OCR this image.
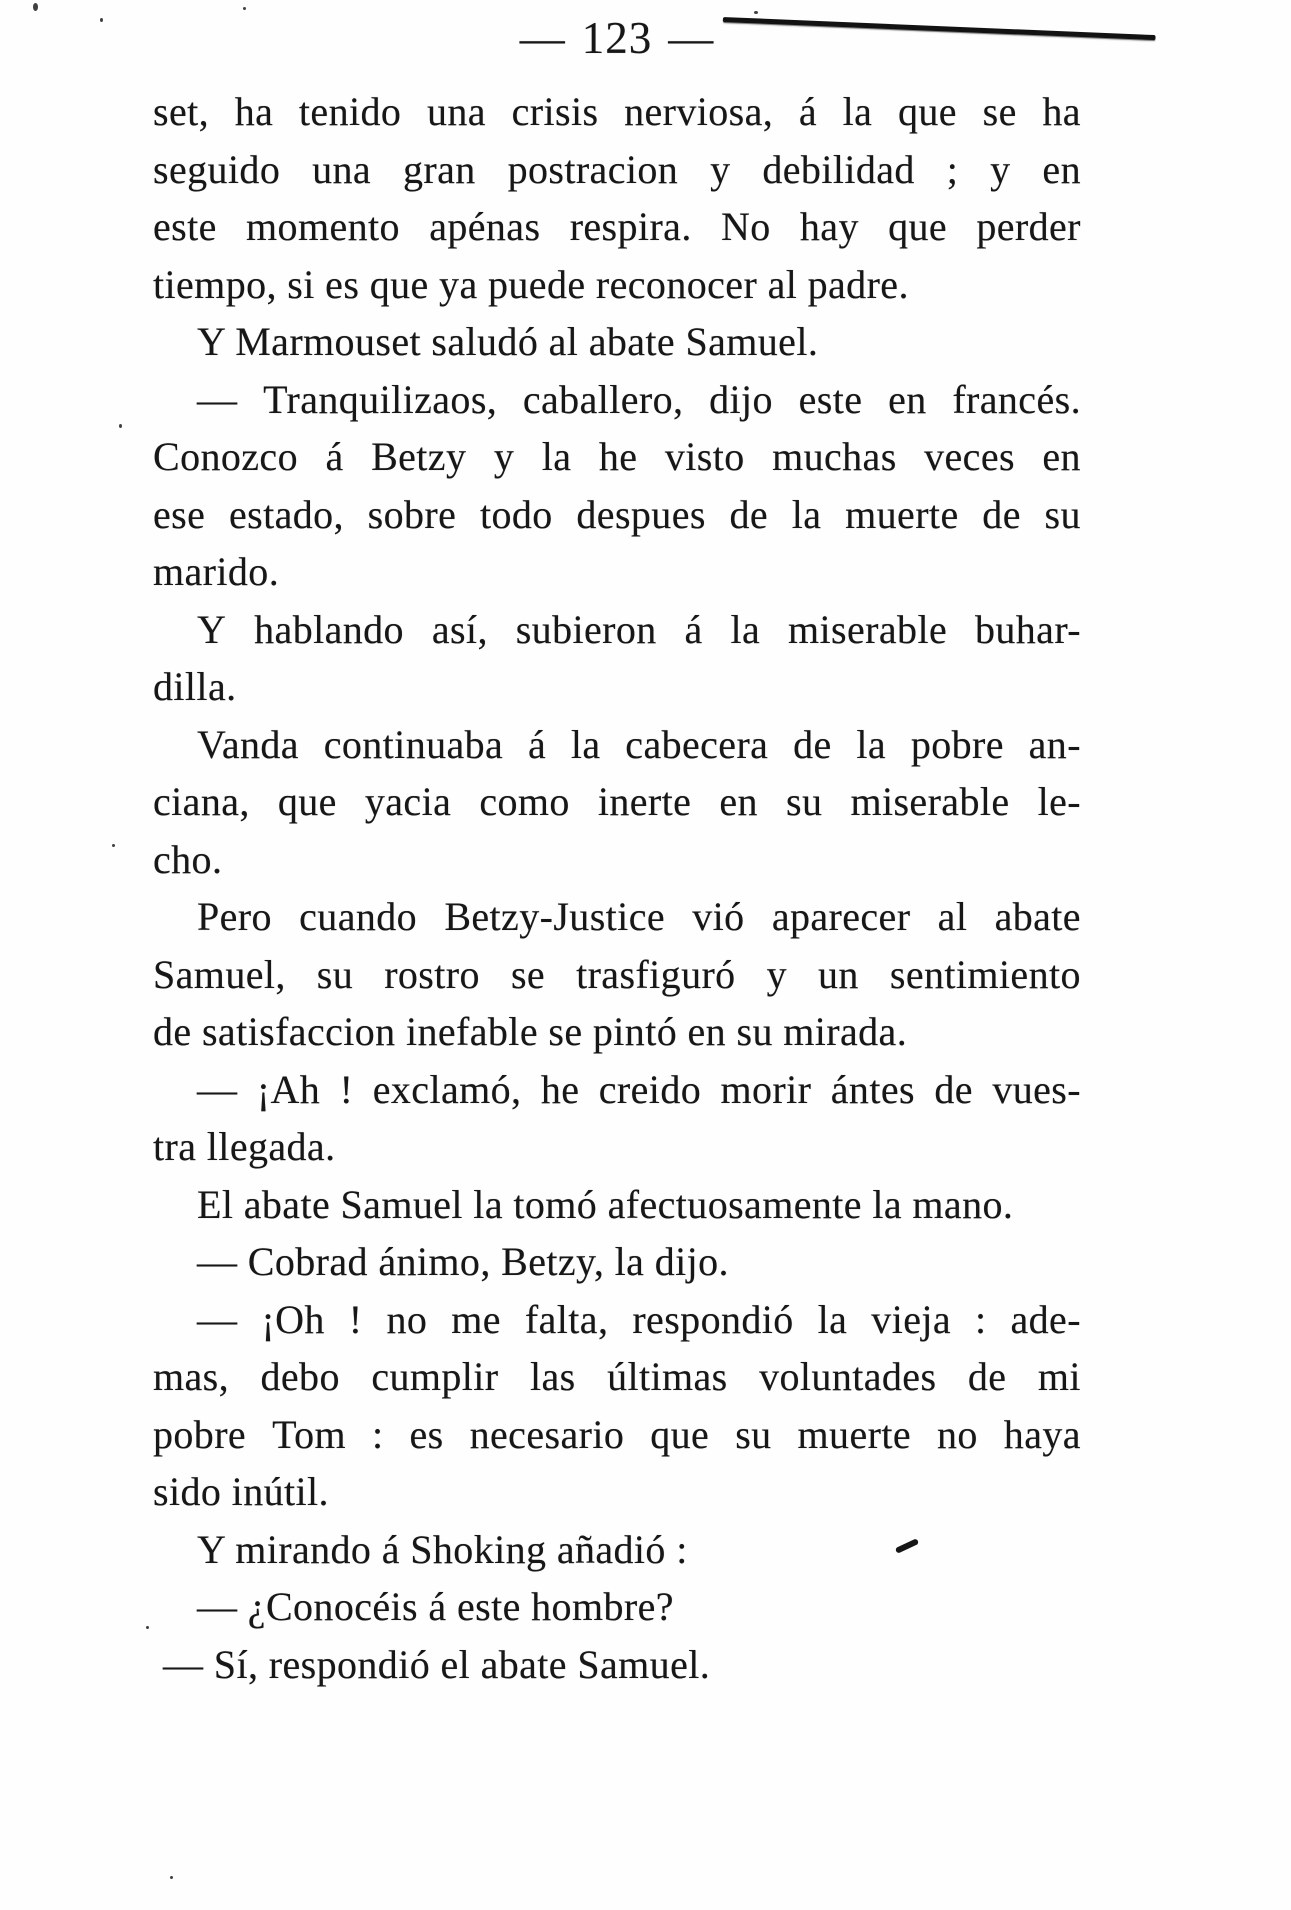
— 123 —
set, ha tenido una crisis nerviosa, á la que se ha
seguido una gran postracion y debilidad ; y en
este momento apénas respira. No hay que perder
tiempo, si es que ya puede reconocer al padre.
Y Marmouset saludó al abate Samuel.
— Tranquilizaos, caballero, dijo este en francés.
Conozco á Betzy y la he visto muchas veces en
ese estado, sobre todo despues de la muerte de su
marido.
Y hablando así, subieron á la miserable buhar-
dilla.
Vanda continuaba á la cabecera de la pobre an-
ciana, que yacia como inerte en su miserable le-
cho.
Pero cuando Betzy-Justice vió aparecer al abate
Samuel, su rostro se trasfiguró y un sentimiento
de satisfaccion inefable se pintó en su mirada.
— ¡Ah ! exclamó, he creido morir ántes de vues-
tra llegada.
El abate Samuel la tomó afectuosamente la mano.
— Cobrad ánimo, Betzy, la dijo.
— ¡Oh ! no me falta, respondió la vieja : ade-
mas, debo cumplir las últimas voluntades de mi
pobre Tom : es necesario que su muerte no haya
sido inútil.
Y mirando á Shoking añadió :
— ¿Conocéis á este hombre?
— Sí, respondió el abate Samuel.
